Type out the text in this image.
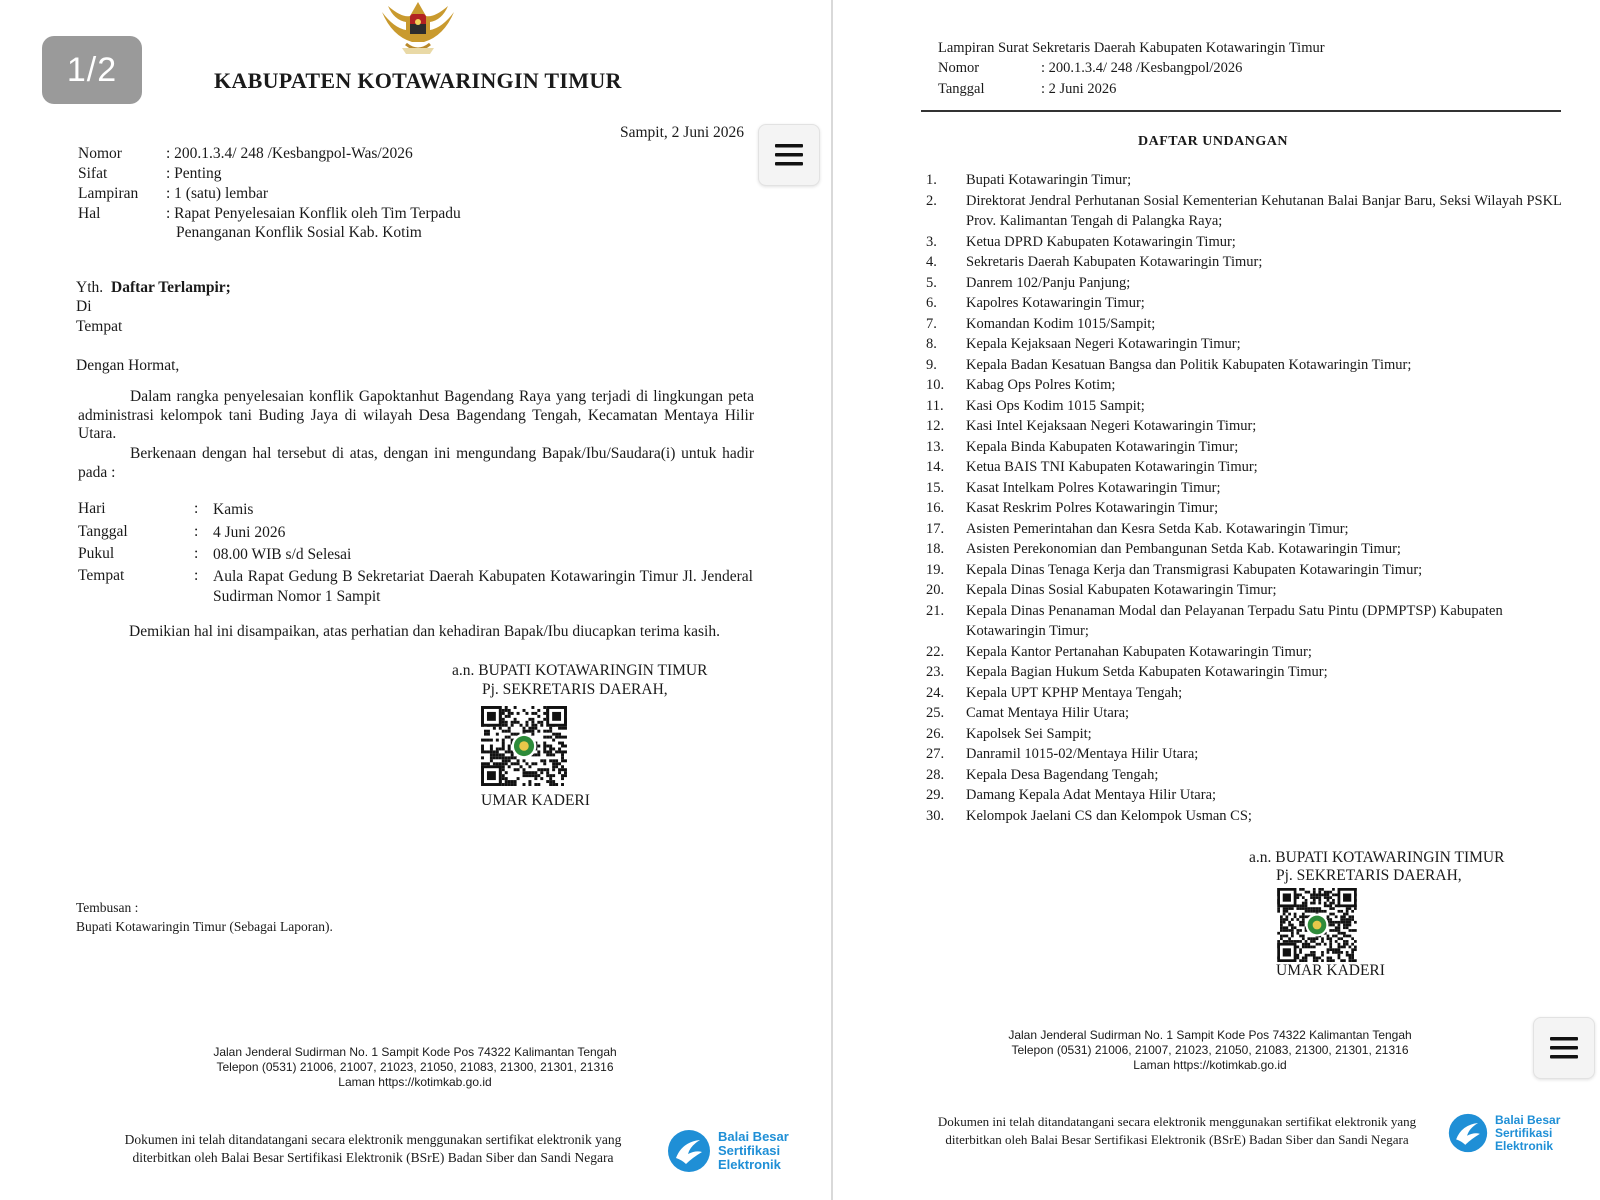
1/2	KABUPATEN KOTAWARINGIN TIMUR
Sampit, 2 Juni 2026
Nomor	: 200.1.3.4/ 248 /Kesbangpol-Was/2026
Sifat	: Penting
Lampiran : 1 (satu) lembar
Hal	: Rapat Penyelesaian Konflik oleh Tim Terpadu
Penanganan Konflik Sosial Kab. Kotim
Yth. Daftar Terlampir;
Di
Tempat
Dengan Hormat,
Dalam rangka penyelesaian konflik Gapoktanhut Bagendang Raya yang terjadi di lingkungan peta administrasi kelompok tani Buding Jaya di wilayah Desa Bagendang Tengah, Kecamatan Mentaya Hilir Utara.
Berkenaan dengan hal tersebut di atas, dengan ini mengundang Bapak/Ibu/Saudara(i) untuk hadir pada :
Hari	: Kamis
Tanggal	: 4 Juni 2026
Pukul	: 08.00 WIB s/d Selesai
Tempat	: Aula Rapat Gedung B Sekretariat Daerah Kabupaten Kotawaringin Timur Jl. Jenderal Sudirman Nomor 1 Sampit
Demikian hal ini disampaikan, atas perhatian dan kehadiran Bapak/Ibu diucapkan terima kasih.
a.n. BUPATI KOTAWARINGIN TIMUR
Pj. SEKRETARIS DAERAH,
UMAR KADERI
Tembusan :
Bupati Kotawaringin Timur (Sebagai Laporan).
Jalan Jenderal Sudirman No. 1 Sampit Kode Pos 74322 Kalimantan Tengah
Telepon (0531) 21006, 21007, 21023, 21050, 21083, 21300, 21301, 21316
Laman https://kotimkab.go.id
Dokumen ini telah ditandatangani secara elektronik menggunakan sertifikat elektronik yang
diterbitkan oleh Balai Besar Sertifikasi Elektronik (BSrE) Badan Siber dan Sandi Negara
Balai Besar
Sertifikasi
Elektronik
Lampiran Surat Sekretaris Daerah Kabupaten Kotawaringin Timur
Nomor	: 200.1.3.4/ 248 /Kesbangpol/2026
Tanggal	: 2 Juni 2026
DAFTAR UNDANGAN
1.	Bupati Kotawaringin Timur;
2.	Direktorat Jendral Perhutanan Sosial Kementerian Kehutanan Balai Banjar Baru, Seksi Wilayah PSKL Prov. Kalimantan Tengah di Palangka Raya;
3.	Ketua DPRD Kabupaten Kotawaringin Timur;
4.	Sekretaris Daerah Kabupaten Kotawaringin Timur;
5.	Danrem 102/Panju Panjung;
6.	Kapolres Kotawaringin Timur;
7.	Komandan Kodim 1015/Sampit;
8.	Kepala Kejaksaan Negeri Kotawaringin Timur;
9.	Kepala Badan Kesatuan Bangsa dan Politik Kabupaten Kotawaringin Timur;
10.	Kabag Ops Polres Kotim;
11.	Kasi Ops Kodim 1015 Sampit;
12.	Kasi Intel Kejaksaan Negeri Kotawaringin Timur;
13.	Kepala Binda Kabupaten Kotawaringin Timur;
14.	Ketua BAIS TNI Kabupaten Kotawaringin Timur;
15.	Kasat Intelkam Polres Kotawaringin Timur;
16.	Kasat Reskrim Polres Kotawaringin Timur;
17.	Asisten Pemerintahan dan Kesra Setda Kab. Kotawaringin Timur;
18.	Asisten Perekonomian dan Pembangunan Setda Kab. Kotawaringin Timur;
19.	Kepala Dinas Tenaga Kerja dan Transmigrasi Kabupaten Kotawaringin Timur;
20.	Kepala Dinas Sosial Kabupaten Kotawaringin Timur;
21.	Kepala Dinas Penanaman Modal dan Pelayanan Terpadu Satu Pintu (DPMPTSP) Kabupaten Kotawaringin Timur;
22.	Kepala Kantor Pertanahan Kabupaten Kotawaringin Timur;
23.	Kepala Bagian Hukum Setda Kabupaten Kotawaringin Timur;
24.	Kepala UPT KPHP Mentaya Tengah;
25.	Camat Mentaya Hilir Utara;
26.	Kapolsek Sei Sampit;
27.	Danramil 1015-02/Mentaya Hilir Utara;
28.	Kepala Desa Bagendang Tengah;
29.	Damang Kepala Adat Mentaya Hilir Utara;
30.	Kelompok Jaelani CS dan Kelompok Usman CS;
a.n. BUPATI KOTAWARINGIN TIMUR
Pj. SEKRETARIS DAERAH,
UMAR KADERI
Jalan Jenderal Sudirman No. 1 Sampit Kode Pos 74322 Kalimantan Tengah
Telepon (0531) 21006, 21007, 21023, 21050, 21083, 21300, 21301, 21316
Laman https://kotimkab.go.id
Dokumen ini telah ditandatangani secara elektronik menggunakan sertifikat elektronik yang
diterbitkan oleh Balai Besar Sertifikasi Elektronik (BSrE) Badan Siber dan Sandi Negara
Balai Besar
Sertifikasi
Elektronik
